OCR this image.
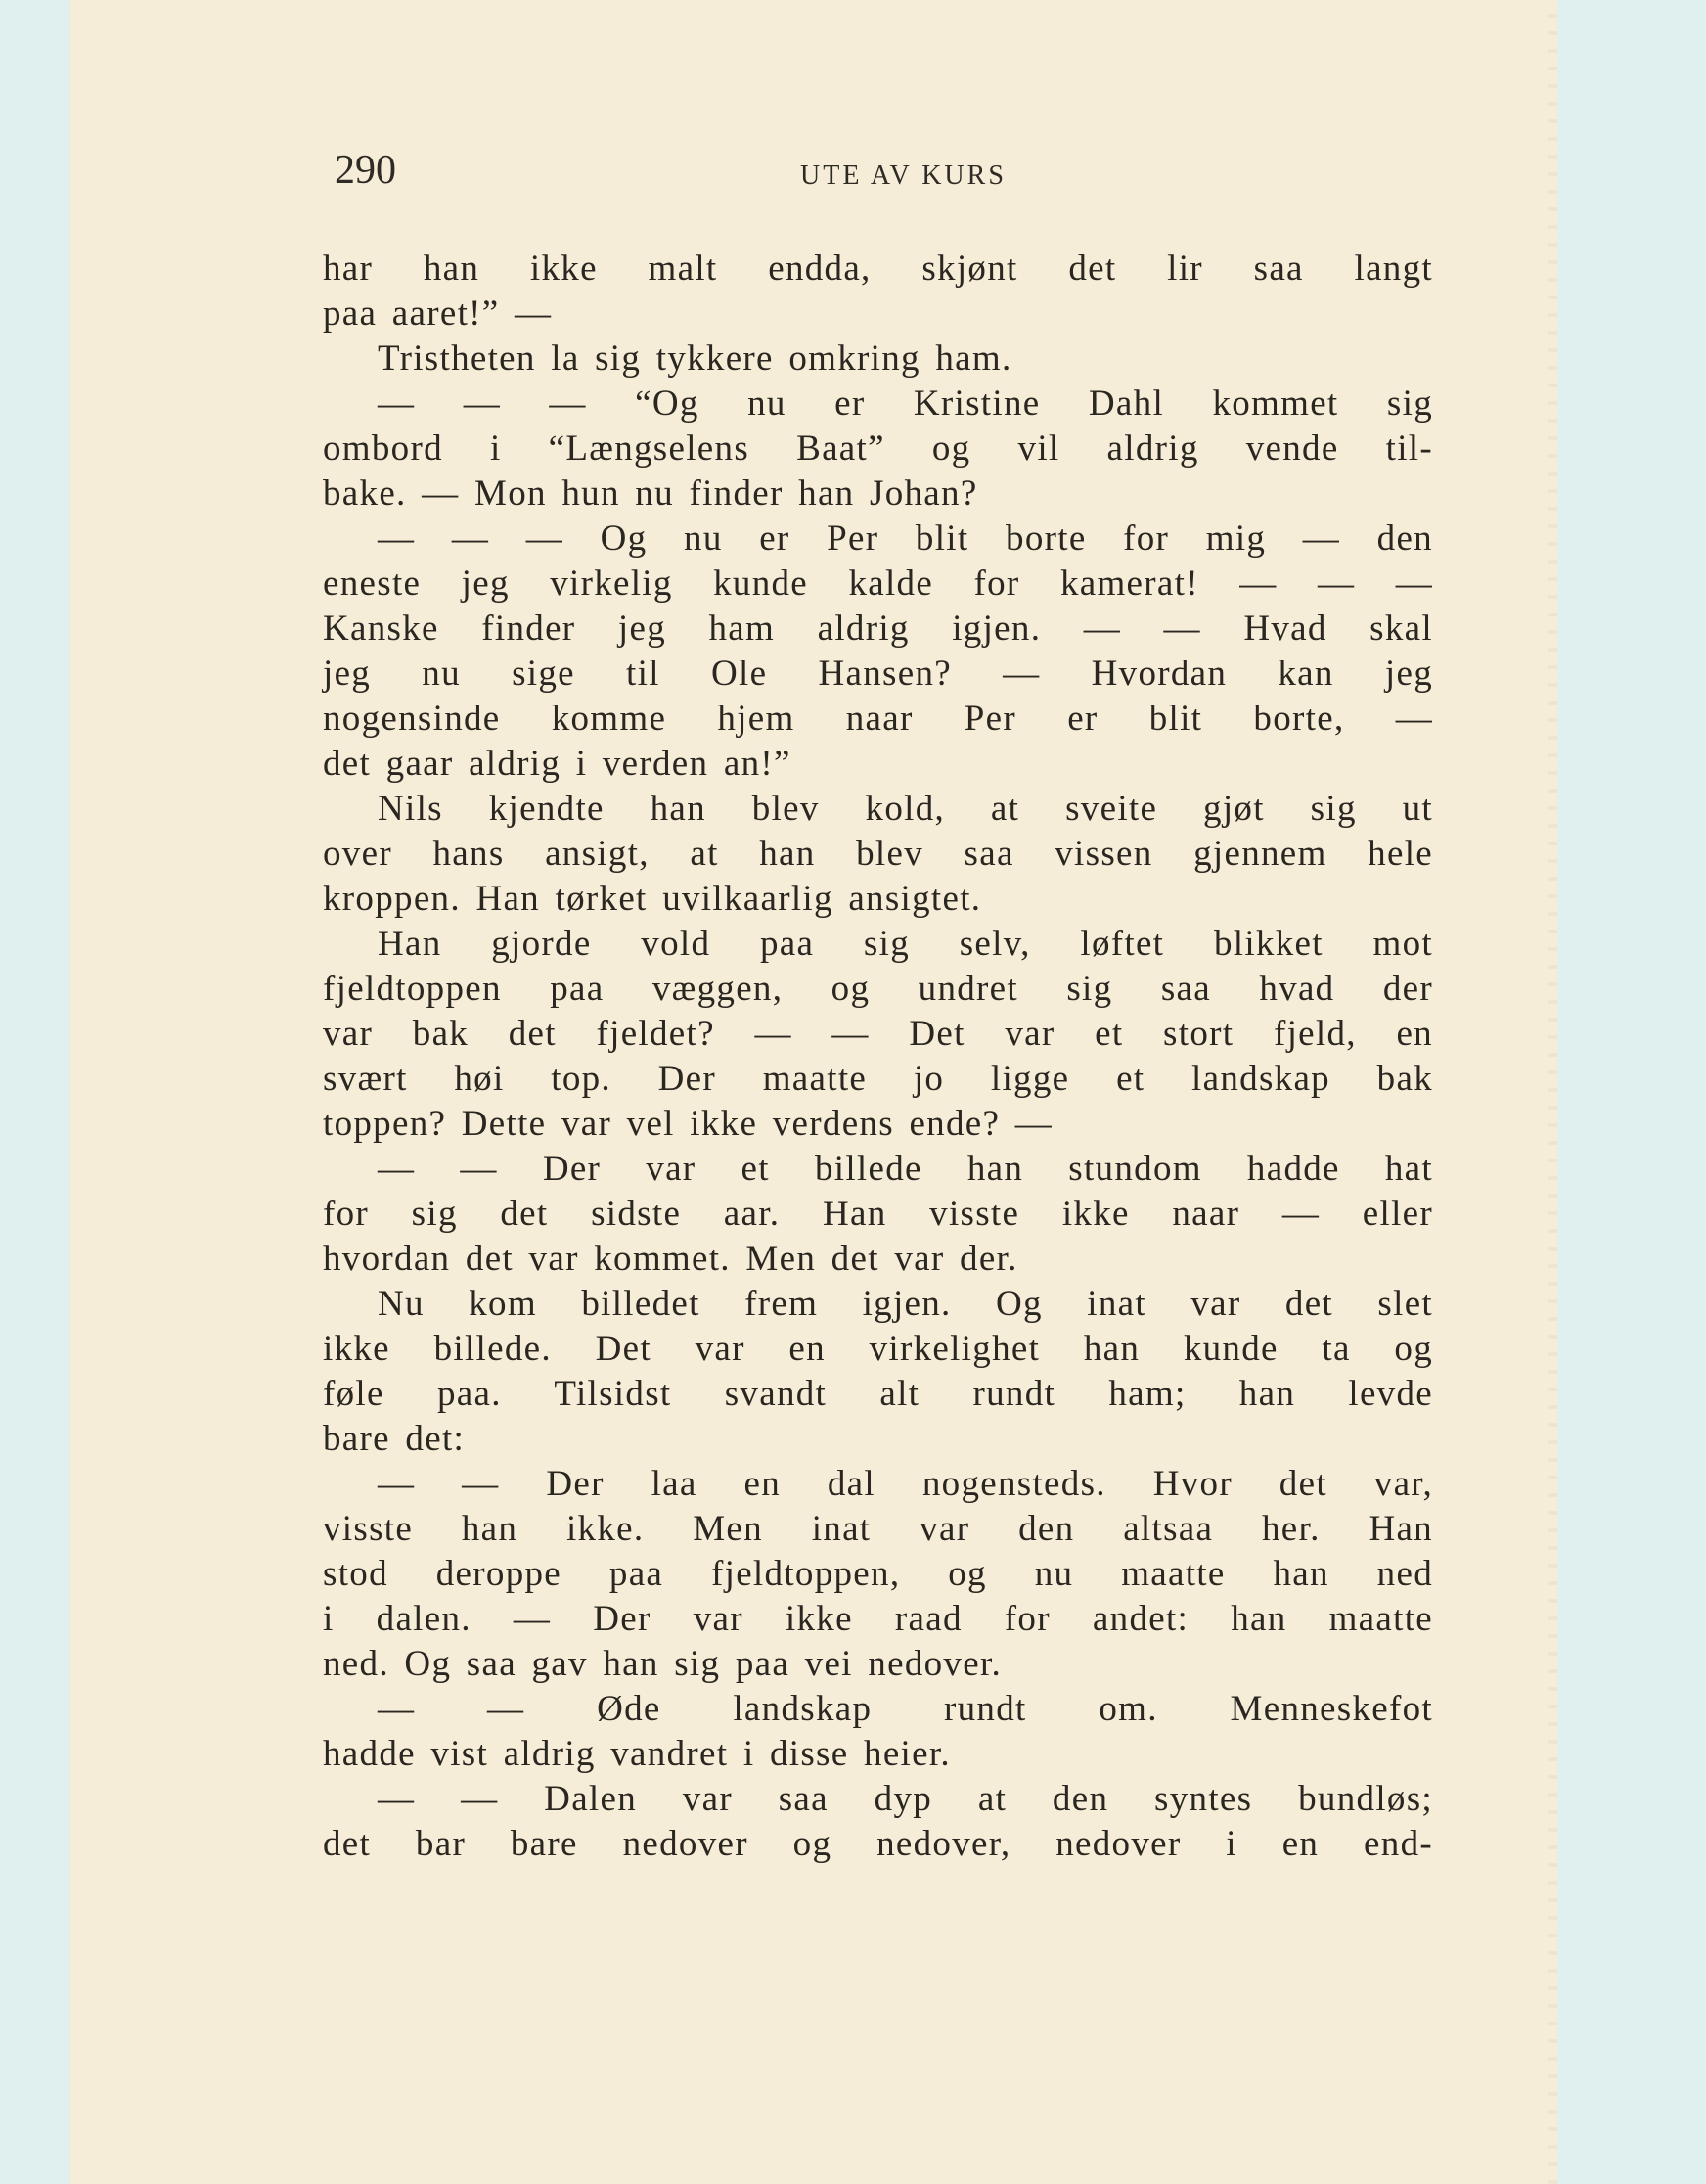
290	UTE AV KURS
har han ikke malt endda, skjønt det lir saa langt
paa aaret!” —
Tristheten la sig tykkere omkring ham.
— — — “Og nu er Kristine Dahl kommet sig
ombord i “Længselens Baat” og vil aldrig vende til-
bake. — Mon hun nu finder han Johan?
— — — Og nu er Per blit borte for mig — den
eneste jeg virkelig kunde kalde for kamerat! — — —
Kanske finder jeg ham aldrig igjen. — — Hvad skal
jeg nu sige til Ole Hansen? — Hvordan kan jeg
nogensinde komme hjem naar Per er blit borte, —
det gaar aldrig i verden an!”
Nils kjendte han blev kold, at sveite gjøt sig ut
over hans ansigt, at han blev saa vissen gjennem hele
kroppen. Han tørket uvilkaarlig ansigtet.
Han gjorde vold paa sig selv, løftet blikket mot
fjeldtoppen paa væggen, og undret sig saa hvad der
var bak det fjeldet? — — Det var et stort fjeld, en
svært høi top. Der maatte jo ligge et landskap bak
toppen? Dette var vel ikke verdens ende? —
— — Der var et billede han stundom hadde hat
for sig det sidste aar. Han visste ikke naar — eller
hvordan det var kommet. Men det var der.
Nu kom billedet frem igjen. Og inat var det slet
ikke billede. Det var en virkelighet han kunde ta og
føle paa. Tilsidst svandt alt rundt ham; han levde
bare det:
— — Der laa en dal nogensteds. Hvor det var,
visste han ikke. Men inat var den altsaa her. Han
stod deroppe paa fjeldtoppen, og nu maatte han ned
i dalen. — Der var ikke raad for andet: han maatte
ned. Og saa gav han sig paa vei nedover.
— — Øde landskap rundt om. Menneskefot
hadde vist aldrig vandret i disse heier.
— — Dalen var saa dyp at den syntes bundløs;
det bar bare nedover og nedover, nedover i en end-
